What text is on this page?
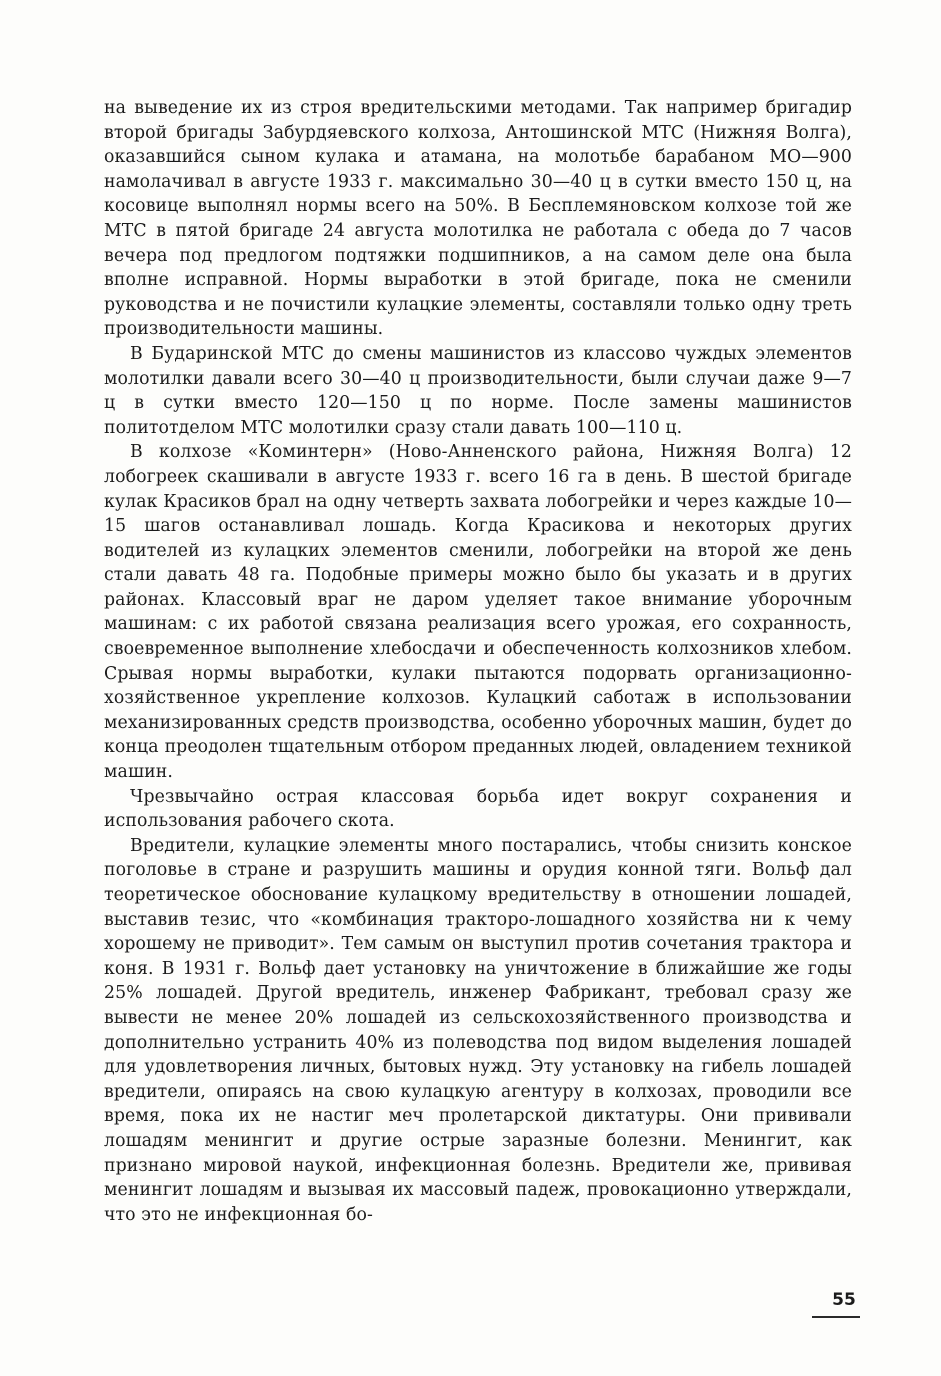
на выведение их из строя вредительскими методами. Так например бригадир второй бригады Забурдяевского колхоза, Антошинской МТС (Нижняя Волга), оказавшийся сыном кулака и атамана, на молотьбе барабаном МО—900 намолачивал в августе 1933 г. максимально 30—40 ц в сутки вместо 150 ц, на косовице выполнял нормы всего на 50%. В Бесплемяновском колхозе той же МТС в пятой бригаде 24 августа молотилка не работала с обеда до 7 часов вечера под предлогом подтяжки подшипников, а на самом деле она была вполне исправной. Нормы выработки в этой бригаде, пока не сменили руководства и не почистили кулацкие элементы, составляли только одну треть производительности машины.

В Бударинской МТС до смены машинистов из классово чуждых элементов молотилки давали всего 30—40 ц производительности, были случаи даже 9—7 ц в сутки вместо 120—150 ц по норме. После замены машинистов политотделом МТС молотилки сразу стали давать 100—110 ц.

В колхозе «Коминтерн» (Ново-Анненского района, Нижняя Волга) 12 лобогреек скашивали в августе 1933 г. всего 16 га в день. В шестой бригаде кулак Красиков брал на одну четверть захвата лобогрейки и через каждые 10—15 шагов останавливал лошадь. Когда Красикова и некоторых других водителей из кулацких элементов сменили, лобогрейки на второй же день стали давать 48 га. Подобные примеры можно было бы указать и в других районах. Классовый враг не даром уделяет такое внимание уборочным машинам: с их работой связана реализация всего урожая, его сохранность, своевременное выполнение хлебосдачи и обеспеченность колхозников хлебом. Срывая нормы выработки, кулаки пытаются подорвать организационно-хозяйственное укрепление колхозов. Кулацкий саботаж в использовании механизированных средств производства, особенно уборочных машин, будет до конца преодолен тщательным отбором преданных людей, овладением техникой машин.

Чрезвычайно острая классовая борьба идет вокруг сохранения и использования рабочего скота.

Вредители, кулацкие элементы много постарались, чтобы снизить конское поголовье в стране и разрушить машины и орудия конной тяги. Вольф дал теоретическое обоснование кулацкому вредительству в отношении лошадей, выставив тезис, что «комбинация тракторо-лошадного хозяйства ни к чему хорошему не приводит». Тем самым он выступил против сочетания трактора и коня. В 1931 г. Вольф дает установку на уничтожение в ближайшие же годы 25% лошадей. Другой вредитель, инженер Фабрикант, требовал сразу же вывести не менее 20% лошадей из сельскохозяйственного производства и дополнительно устранить 40% из полеводства под видом выделения лошадей для удовлетворения личных, бытовых нужд. Эту установку на гибель лошадей вредители, опираясь на свою кулацкую агентуру в колхозах, проводили все время, пока их не настиг меч пролетарской диктатуры. Они прививали лошадям менингит и другие острые заразные болезни. Менингит, как признано мировой наукой, инфекционная болезнь. Вредители же, прививая менингит лошадям и вызывая их массовый падеж, провокационно утверждали, что это не инфекционная бо-

55
